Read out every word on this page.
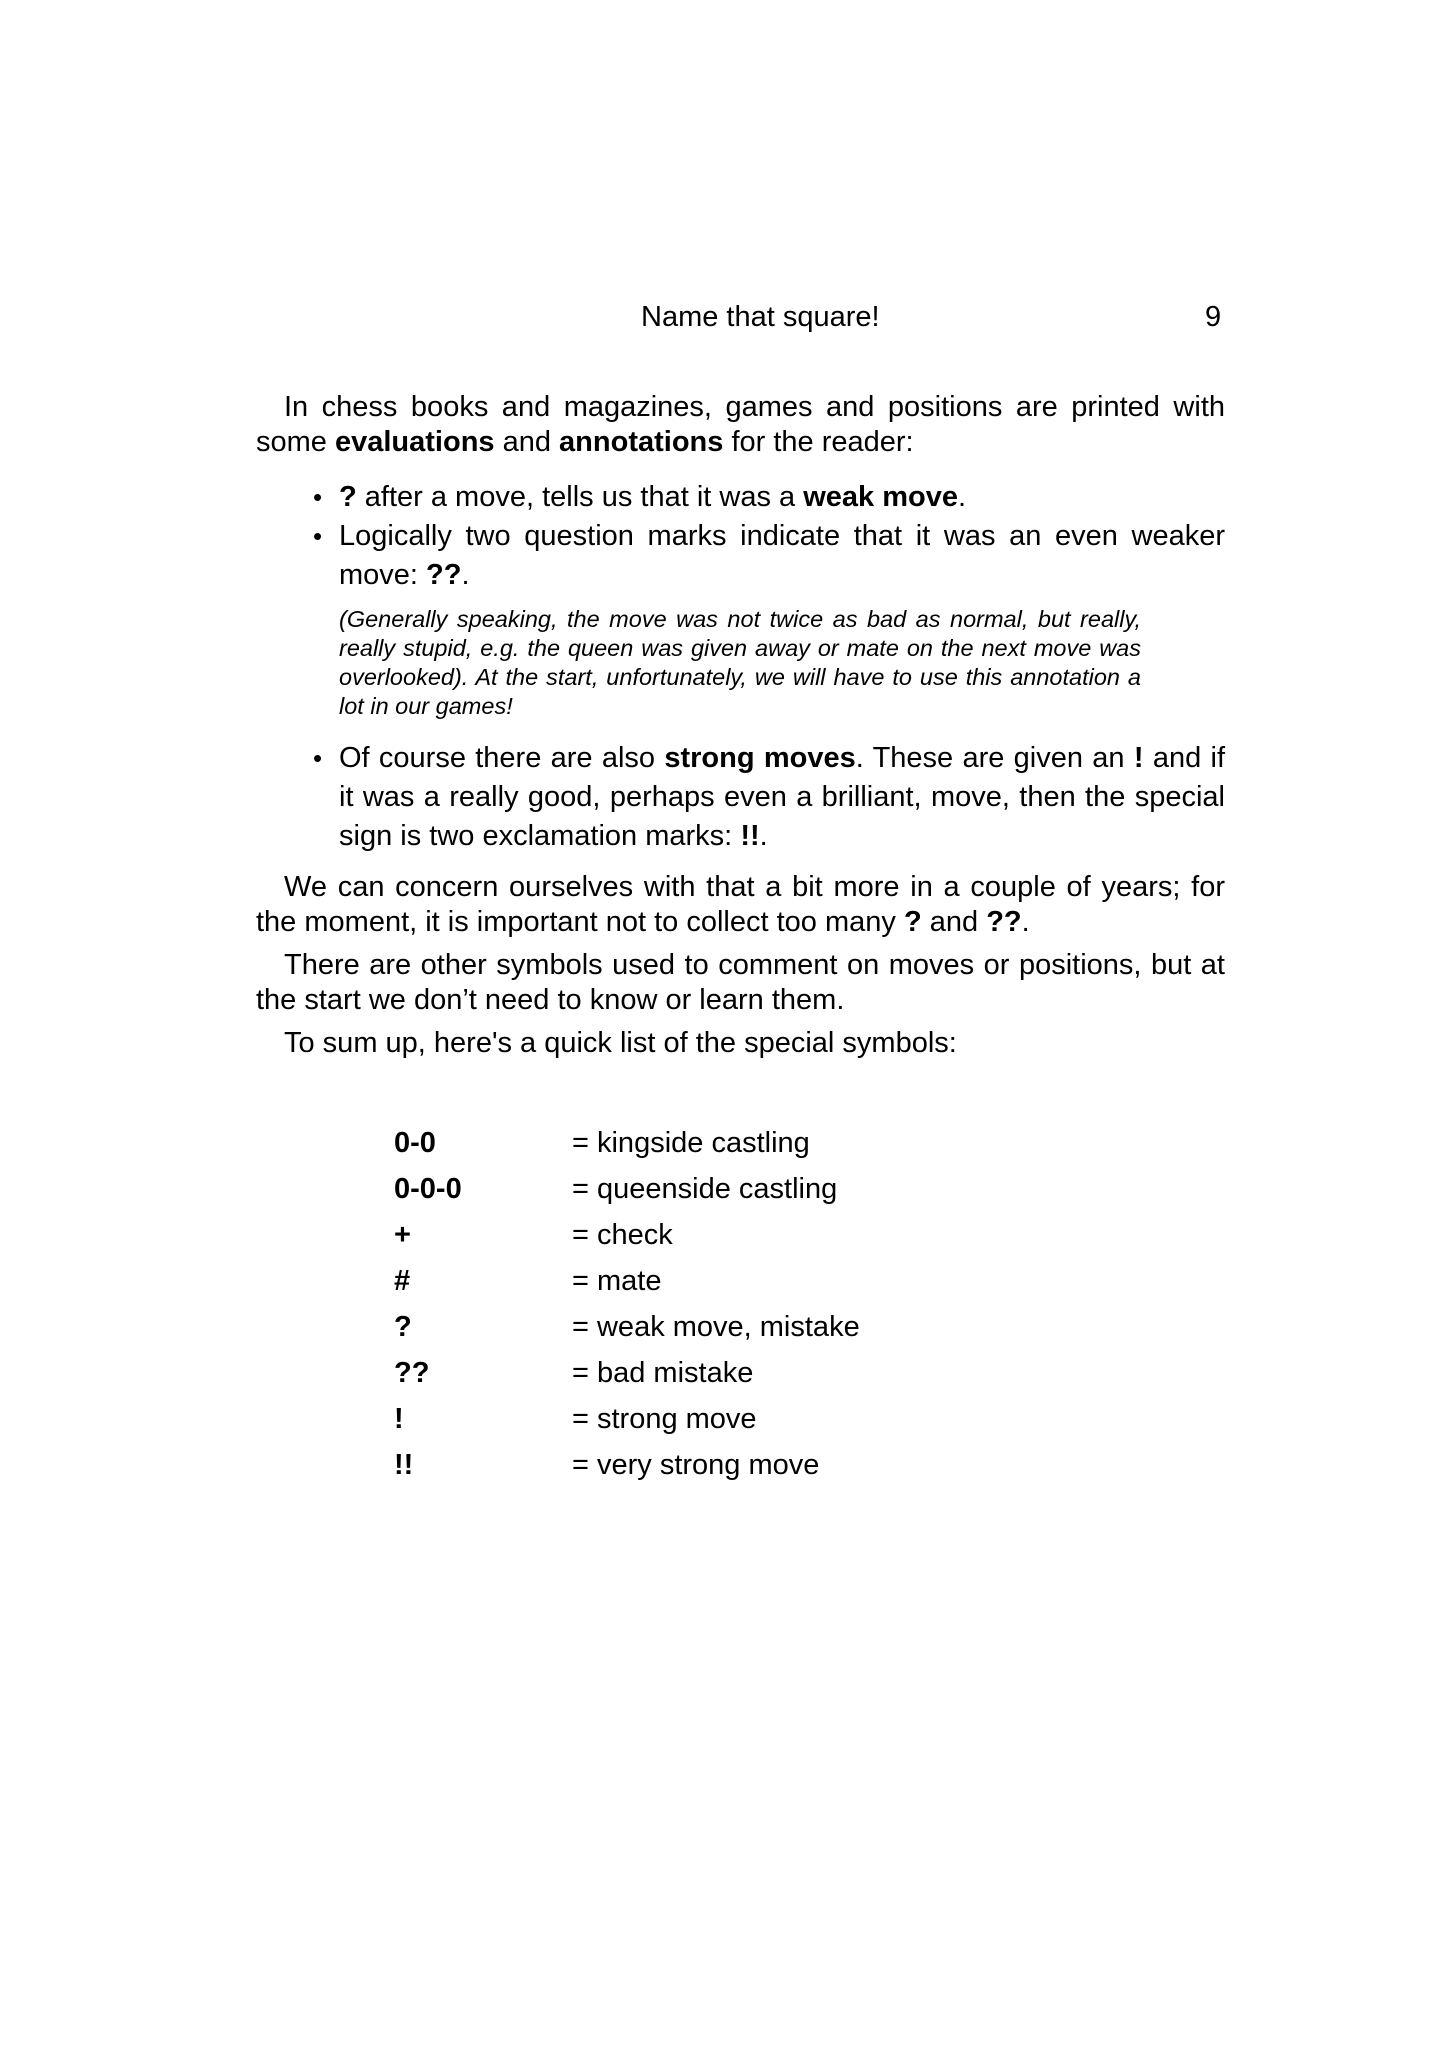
Name that square!	9

In chess books and magazines, games and positions are printed with some evaluations and annotations for the reader:

• ? after a move, tells us that it was a weak move.
• Logically two question marks indicate that it was an even weaker move: ??.
(Generally speaking, the move was not twice as bad as normal, but really, really stupid, e.g. the queen was given away or mate on the next move was overlooked). At the start, unfortunately, we will have to use this annotation a lot in our games!
• Of course there are also strong moves. These are given an ! and if it was a really good, perhaps even a brilliant, move, then the special sign is two exclamation marks: !!.

We can concern ourselves with that a bit more in a couple of years; for the moment, it is important not to collect too many ? and ??.

There are other symbols used to comment on moves or positions, but at the start we don’t need to know or learn them.

To sum up, here's a quick list of the special symbols:

0-0	= kingside castling
0-0-0	= queenside castling
+	= check
#	= mate
?	= weak move, mistake
??	= bad mistake
!	= strong move
!!	= very strong move
